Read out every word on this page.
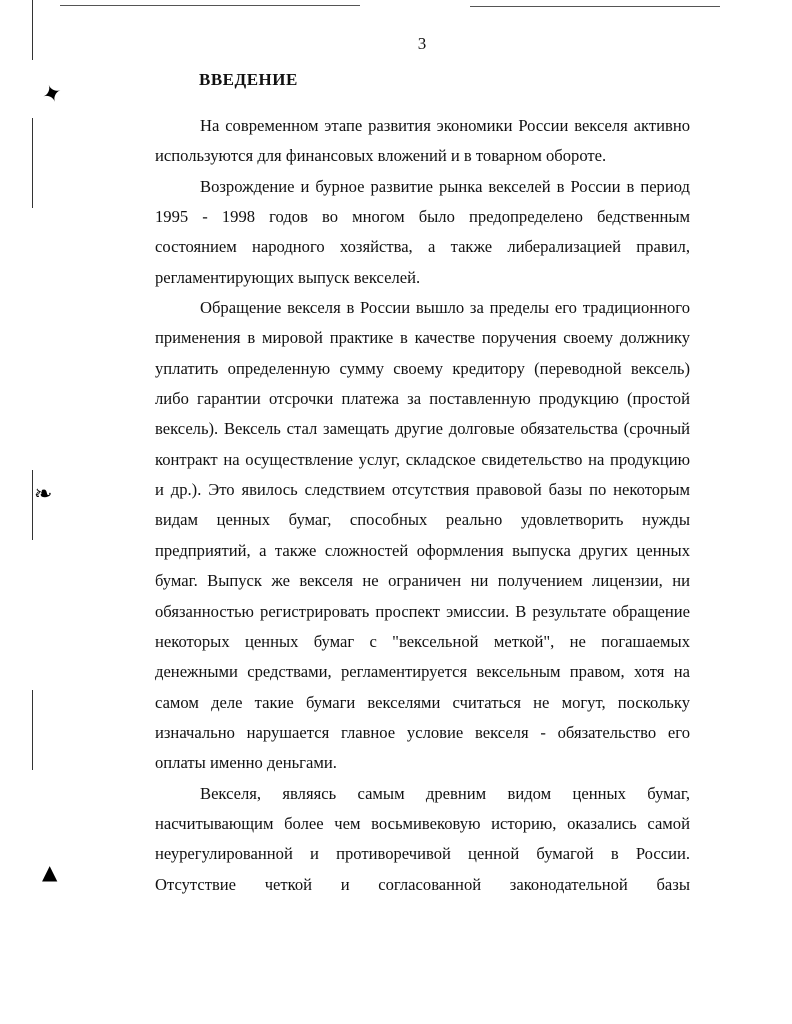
✦
❧
▲
3
ВВЕДЕНИЕ

На современном этапе развития экономики России векселя активно используются для финансовых вложений и в товарном обороте.

Возрождение и бурное развитие рынка векселей в России в период 1995 - 1998 годов во многом было предопределено бедственным состоянием народного хозяйства, а также либерализацией правил, регламентирующих выпуск векселей.

Обращение векселя в России вышло за пределы его традиционного применения в мировой практике в качестве поручения своему должнику уплатить определенную сумму своему кредитору (переводной вексель) либо гарантии отсрочки платежа за поставленную продукцию (простой вексель). Вексель стал замещать другие долговые обязательства (срочный контракт на осуществление услуг, складское свидетельство на продукцию и др.). Это явилось следствием отсутствия правовой базы по некоторым видам ценных бумаг, способных реально удовлетворить нужды предприятий, а также сложностей оформления выпуска других ценных бумаг. Выпуск же векселя не ограничен ни получением лицензии, ни обязанностью регистрировать проспект эмиссии. В результате обращение некоторых ценных бумаг с "вексельной меткой", не погашаемых денежными средствами, регламентируется вексельным правом, хотя на самом деле такие бумаги векселями считаться не могут, поскольку изначально нарушается главное условие векселя - обязательство его оплаты именно деньгами.

Векселя, являясь самым древним видом ценных бумаг, насчитывающим более чем восьмивековую историю, оказались самой неурегулированной и противоречивой ценной бумагой в России. Отсутствие четкой и согласованной законодательной базы
